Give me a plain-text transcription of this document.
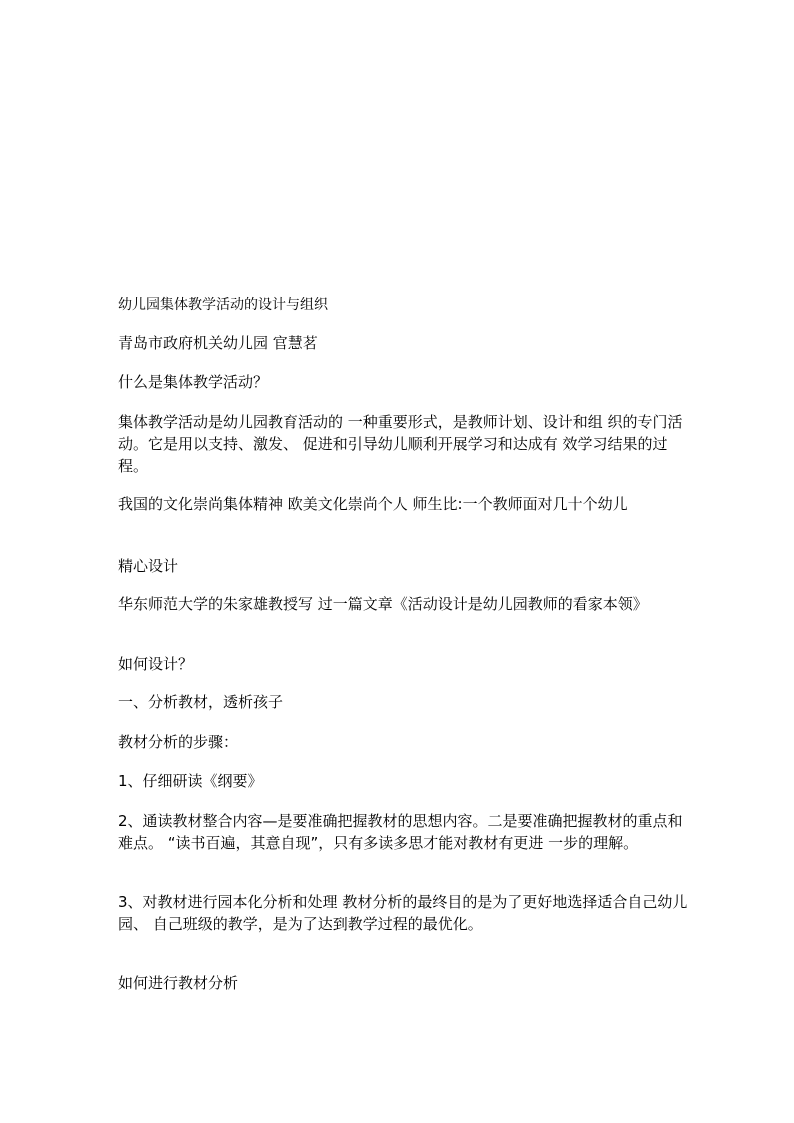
幼儿园集体教学活动的设计与组织

青岛市政府机关幼儿园 官慧茗

什么是集体教学活动？

集体教学活动是幼儿园教育活动的 一种重要形式，是教师计划、设计和组 织的专门活动。它是用以支持、激发、 促进和引导幼儿顺利开展学习和达成有 效学习结果的过程。

我国的文化崇尚集体精神 欧美文化崇尚个人 师生比:一个教师面对几十个幼儿

精心设计

华东师范大学的朱家雄教授写 过一篇文章《活动设计是幼儿园教师的看家本领》

如何设计？

一、分析教材，透析孩子

教材分析的步骤：

1、仔细研读《纲要》

2、通读教材整合内容—是要准确把握教材的思想内容。二是要准确把握教材的重点和难点。 “读书百遍，其意自现”，只有多读多思才能对教材有更进 一步的理解。

3、对教材进行园本化分析和处理 教材分析的最终目的是为了更好地选择适合自己幼儿园、 自己班级的教学，是为了达到教学过程的最优化。

如何进行教材分析
